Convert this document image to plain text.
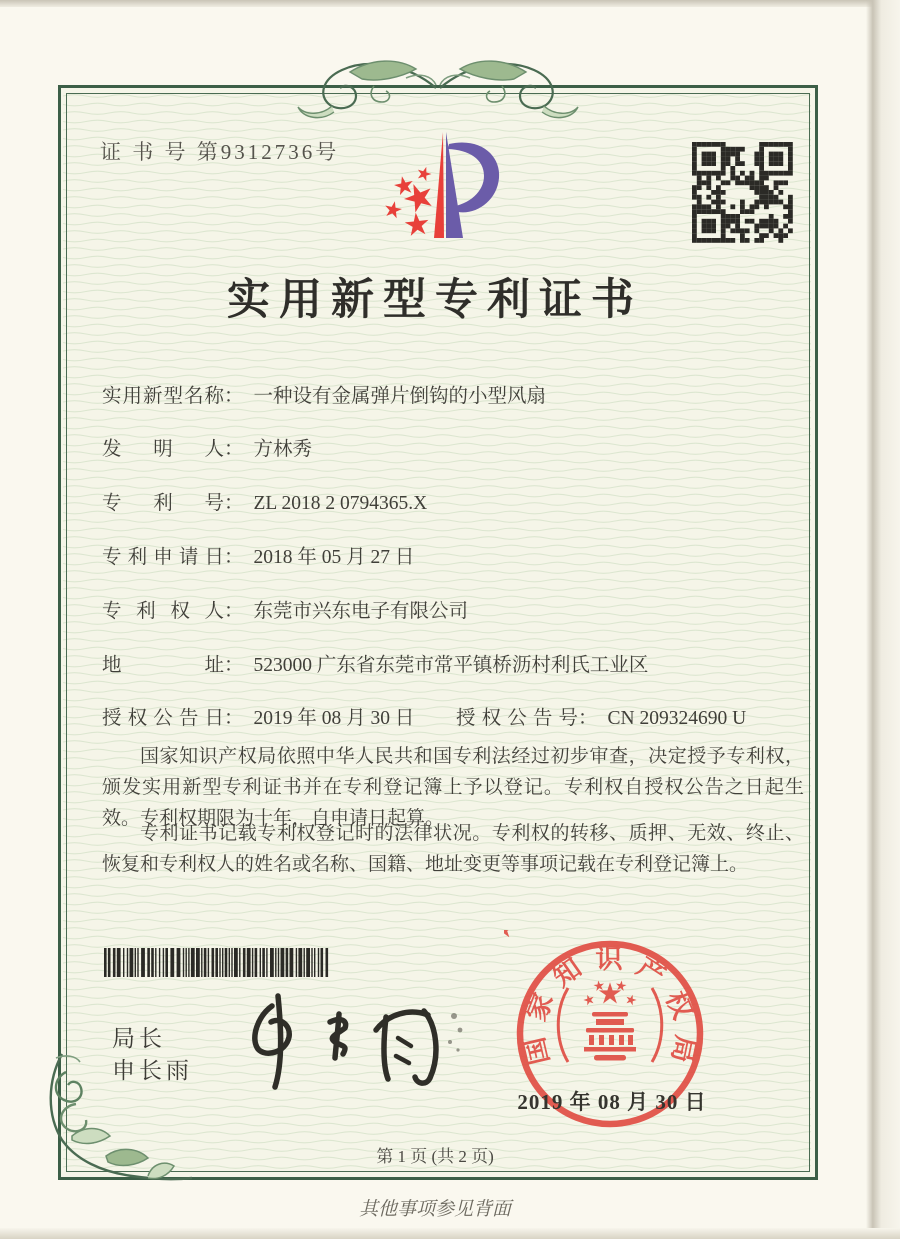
证 书 号 第9312736号
实用新型专利证书
实用新型名称： 一种设有金属弹片倒钩的小型风扇
发明人： 方林秀
专利号： ZL 2018 2 0794365.X
专利申请日： 2018 年 05 月 27 日
专利权人： 东莞市兴东电子有限公司
地址： 523000 广东省东莞市常平镇桥沥村利氏工业区
授权公告日： 2019 年 08 月 30 日 授权公告号： CN 209324690 U
国家知识产权局依照中华人民共和国专利法经过初步审查，决定授予专利权，颁发实用新型专利证书并在专利登记簿上予以登记。专利权自授权公告之日起生效。专利权期限为十年，自申请日起算。
专利证书记载专利权登记时的法律状况。专利权的转移、质押、无效、终止、恢复和专利权人的姓名或名称、国籍、地址变更等事项记载在专利登记簿上。
局长
申长雨
国家知识产权局
2019 年 08 月 30 日
第 1 页 (共 2 页)
其他事项参见背面
